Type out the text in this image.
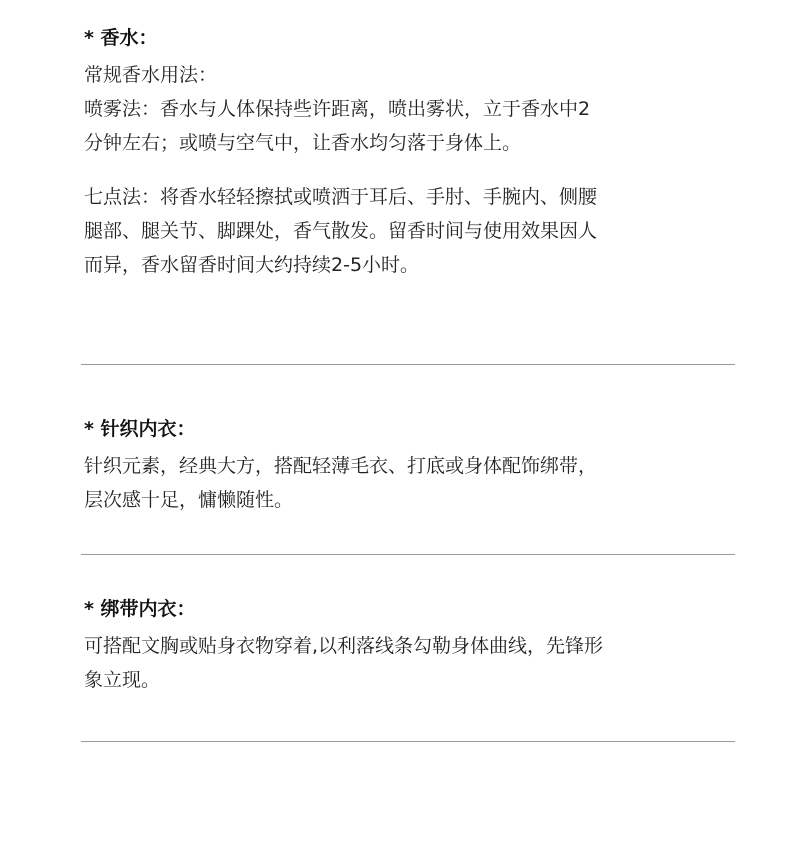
* 香水：
常规香水用法：
喷雾法：香水与人体保持些许距离，喷出雾状，立于香水中2
分钟左右；或喷与空气中，让香水均匀落于身体上。
七点法：将香水轻轻擦拭或喷洒于耳后、手肘、手腕内、侧腰
腿部、腿关节、脚踝处，香气散发。留香时间与使用效果因人
而异，香水留香时间大约持续2-5小时。
* 针织内衣：
针织元素，经典大方，搭配轻薄毛衣、打底或身体配饰绑带，
层次感十足，慵懒随性。
* 绑带内衣：
可搭配文胸或贴身衣物穿着,以利落线条勾勒身体曲线，先锋形
象立现。
